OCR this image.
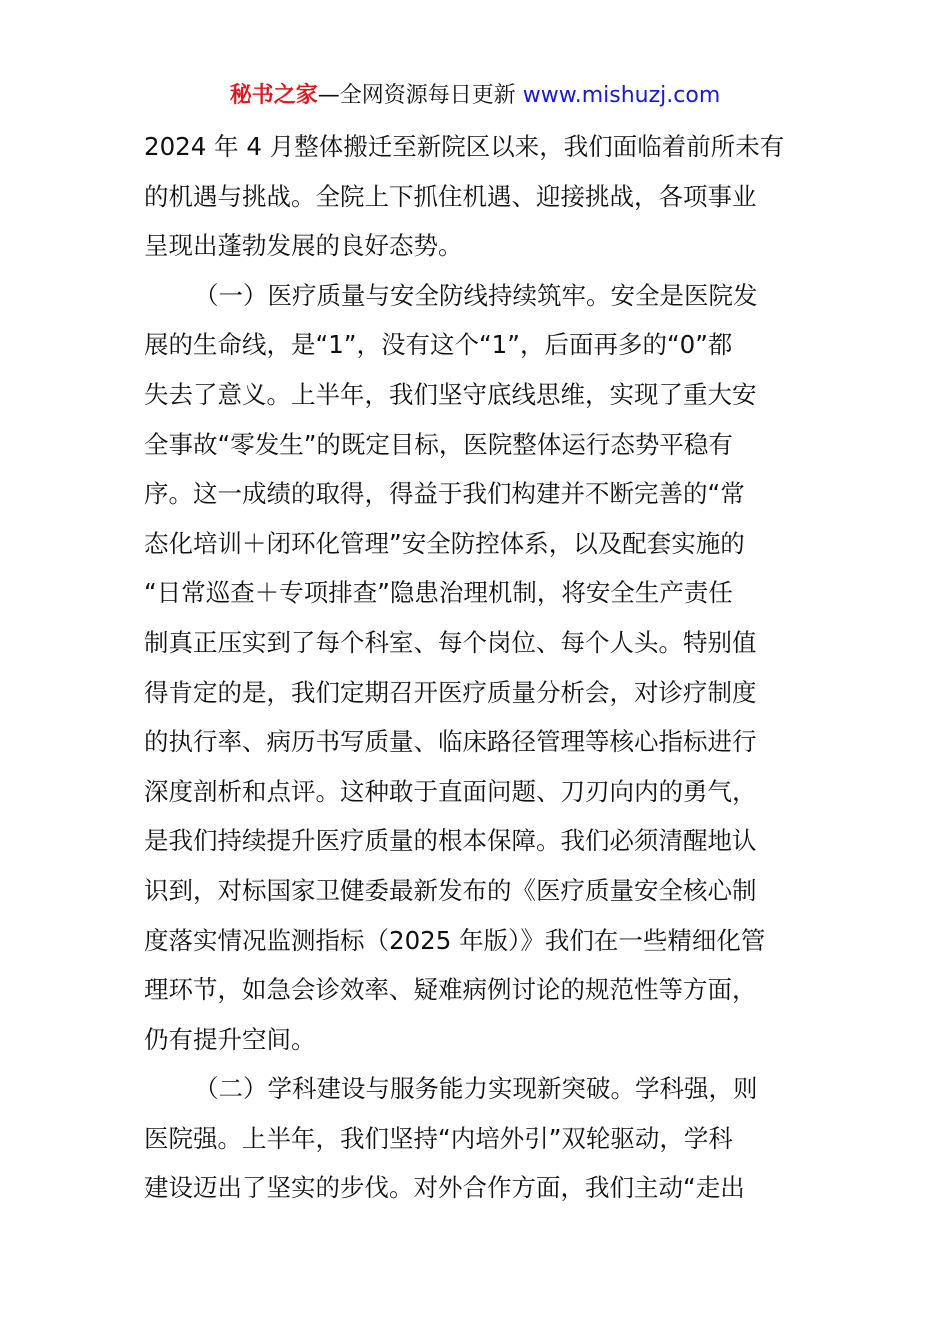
秘书之家—全网资源每日更新 www.mishuzj.com
2024 年 4 月整体搬迁至新院区以来，我们面临着前所未有
的机遇与挑战。全院上下抓住机遇、迎接挑战，各项事业
呈现出蓬勃发展的良好态势。
（一）医疗质量与安全防线持续筑牢。安全是医院发
展的生命线，是“1”，没有这个“1”，后面再多的“0”都
失去了意义。上半年，我们坚守底线思维，实现了重大安
全事故“零发生”的既定目标，医院整体运行态势平稳有
序。这一成绩的取得，得益于我们构建并不断完善的“常
态化培训＋闭环化管理”安全防控体系，以及配套实施的
“日常巡查＋专项排查”隐患治理机制，将安全生产责任
制真正压实到了每个科室、每个岗位、每个人头。特别值
得肯定的是，我们定期召开医疗质量分析会，对诊疗制度
的执行率、病历书写质量、临床路径管理等核心指标进行
深度剖析和点评。这种敢于直面问题、刀刃向内的勇气，
是我们持续提升医疗质量的根本保障。我们必须清醒地认
识到，对标国家卫健委最新发布的《医疗质量安全核心制
度落实情况监测指标（2025 年版）》我们在一些精细化管
理环节，如急会诊效率、疑难病例讨论的规范性等方面，
仍有提升空间。
（二）学科建设与服务能力实现新突破。学科强，则
医院强。上半年，我们坚持“内培外引”双轮驱动，学科
建设迈出了坚实的步伐。对外合作方面，我们主动“走出
